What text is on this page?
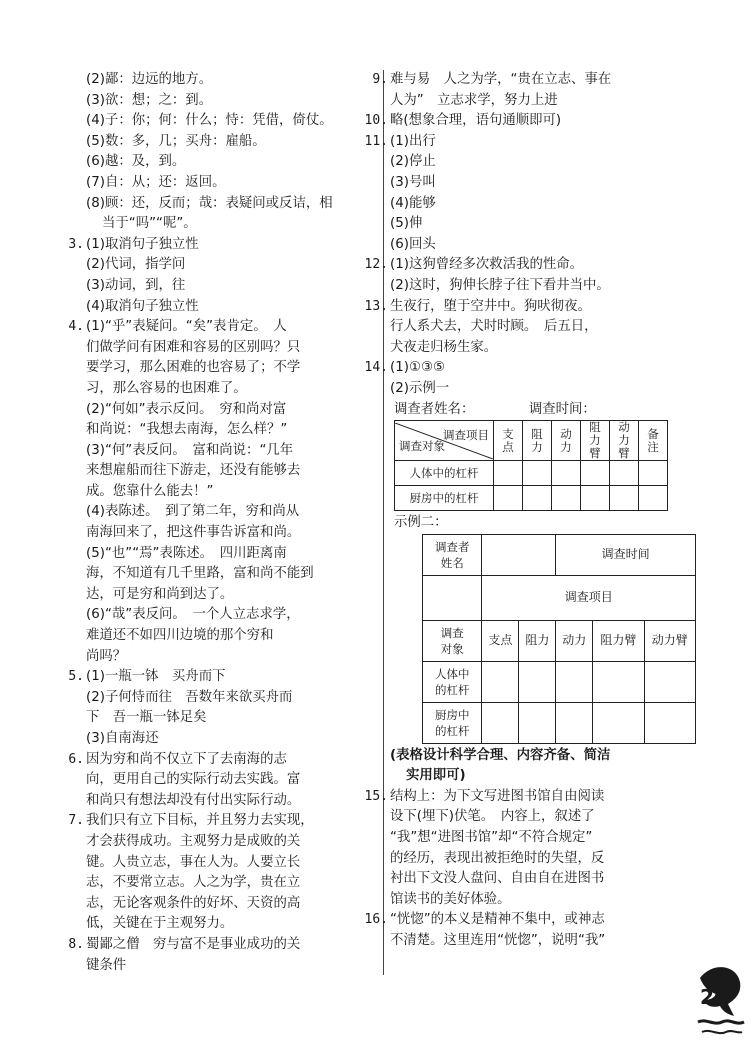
(2)鄙：边远的地方。
(3)欲：想；之：到。
(4)子：你；何：什么；恃：凭借，倚仗。
(5)数：多，几；买舟：雇船。
(6)越：及，到。
(7)自：从；还：返回。
(8)顾：还，反而；哉：表疑问或反诘，相
当于“吗”“呢”。
3. (1)取消句子独立性
(2)代词，指学问
(3)动词，到，往
(4)取消句子独立性
4. (1)“乎”表疑问。“矣”表肯定。　人
们做学问有困难和容易的区别吗？只
要学习，那么困难的也容易了；不学
习，那么容易的也困难了。
(2)“何如”表示反问。　穷和尚对富
和尚说：“我想去南海，怎么样？”
(3)“何”表反问。　富和尚说：“几年
来想雇船而往下游走，还没有能够去
成。您靠什么能去！”
(4)表陈述。　到了第二年，穷和尚从
南海回来了，把这件事告诉富和尚。
(5)“也”“焉”表陈述。　四川距离南
海，不知道有几千里路，富和尚不能到
达，可是穷和尚到达了。
(6)“哉”表反问。　一个人立志求学，
难道还不如四川边境的那个穷和
尚吗？
5. (1)一瓶一钵　买舟而下
(2)子何恃而往　吾数年来欲买舟而
下　吾一瓶一钵足矣
(3)自南海还
6. 因为穷和尚不仅立下了去南海的志
向，更用自己的实际行动去实践。富
和尚只有想法却没有付出实际行动。
7. 我们只有立下目标，并且努力去实现，
才会获得成功。主观努力是成败的关
键。人贵立志，事在人为。人要立长
志，不要常立志。人之为学，贵在立
志，无论客观条件的好坏、天资的高
低，关键在于主观努力。
8. 蜀鄙之僧　穷与富不是事业成功的关
键条件
9. 难与易　人之为学，“贵在立志、事在
人为”　立志求学，努力上进
10. 略(想象合理，语句通顺即可)
11. (1)出行
(2)停止
(3)号叫
(4)能够
(5)伸
(6)回头
12. (1)这狗曾经多次救活我的性命。
(2)这时，狗伸长脖子往下看井当中。
13. 生夜行，堕于空井中。狗吠彻夜。
行人系犬去，犬时时顾。　后五日，
犬夜走归杨生家。
14. (1)①③⑤
(2)示例一
调查者姓名：	调查时间：
调查项目
调查对象	支点	阻力	动力	阻力臂	动力臂	备注

人体中的杠杆						
厨房中的杠杆						
示例二：
调查者姓名			调查时间		
	调查项目				

调查对象	支点	阻力	动力	阻力臂	动力臂

人体中的杠杆					

厨房中的杠杆					

(表格设计科学合理、内容齐备、简洁
实用即可)
15. 结构上：为下文写进图书馆自由阅读
设下(埋下)伏笔。　内容上，叙述了
“我”想“进图书馆”却“不符合规定”
的经历，表现出被拒绝时的失望，反
衬出下文没人盘问、自由自在进图书
馆读书的美好体验。
16. “恍惚”的本义是精神不集中，或神志
不清楚。这里连用“恍惚”，说明“我”
26
